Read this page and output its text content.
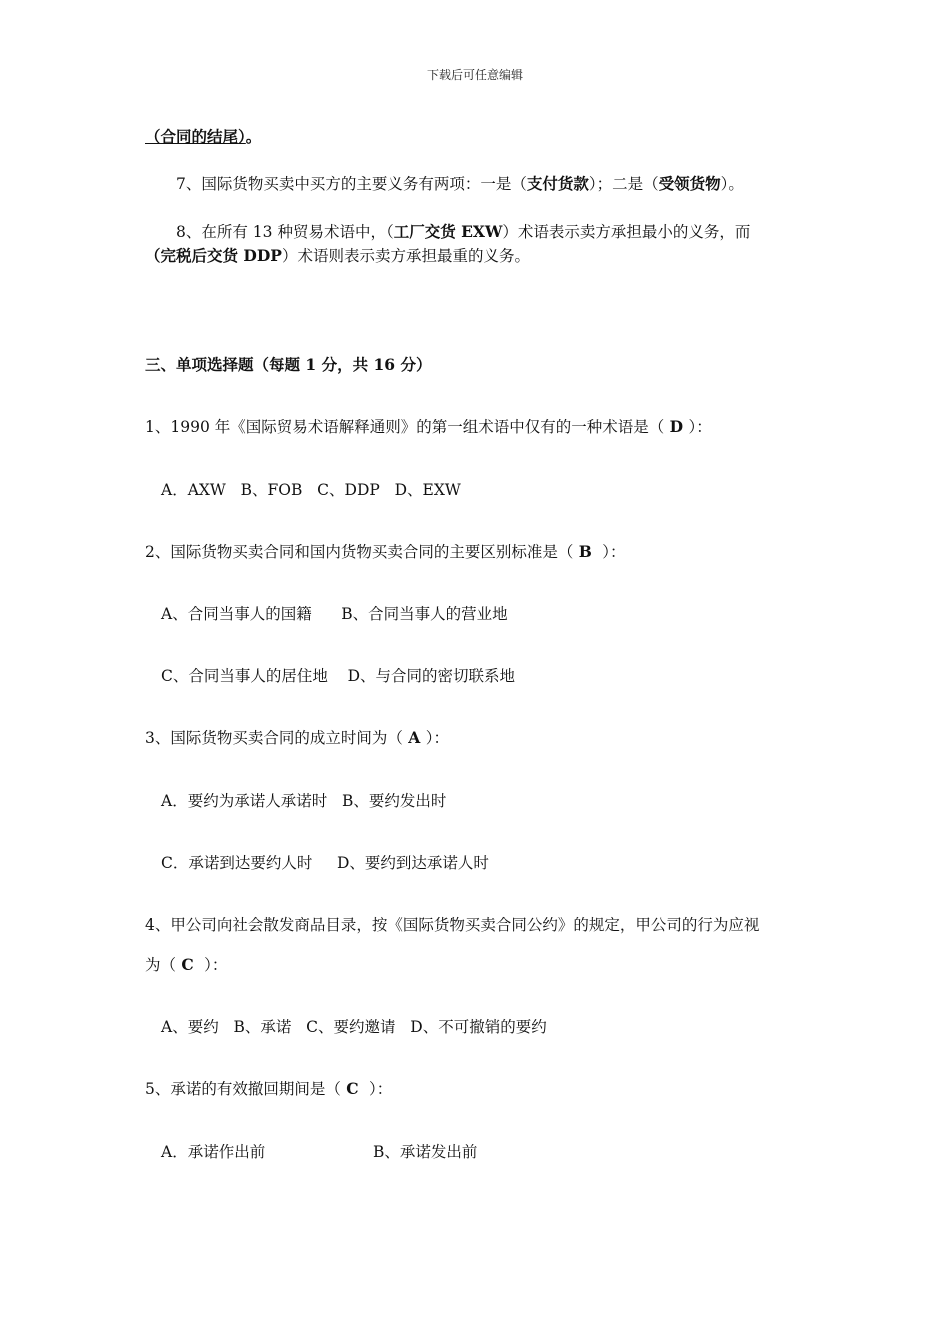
下载后可任意编辑
（合同的结尾）。
7、国际货物买卖中买方的主要义务有两项：一是（支付货款）；二是（受领货物）。
8、在所有 13 种贸易术语中，（工厂交货 EXW）术语表示卖方承担最小的义务，而
（完税后交货 DDP）术语则表示卖方承担最重的义务。
三、单项选择题（每题 1 分，共 16 分）
1、1990 年《国际贸易术语解释通则》的第一组术语中仅有的一种术语是（ D ）：
A．AXW   B、FOB   C、DDP   D、EXW
2、国际货物买卖合同和国内货物买卖合同的主要区别标准是（ B  ）：
A、合同当事人的国籍      B、合同当事人的营业地
C、合同当事人的居住地    D、与合同的密切联系地
3、国际货物买卖合同的成立时间为（ A ）：
A．要约为承诺人承诺时   B、要约发出时
C．承诺到达要约人时     D、要约到达承诺人时
4、甲公司向社会散发商品目录，按《国际货物买卖合同公约》的规定，甲公司的行为应视
为（ C  ）：
A、要约   B、承诺   C、要约邀请   D、不可撤销的要约
5、承诺的有效撤回期间是（ C  ）：
A．承诺作出前	B、承诺发出前
